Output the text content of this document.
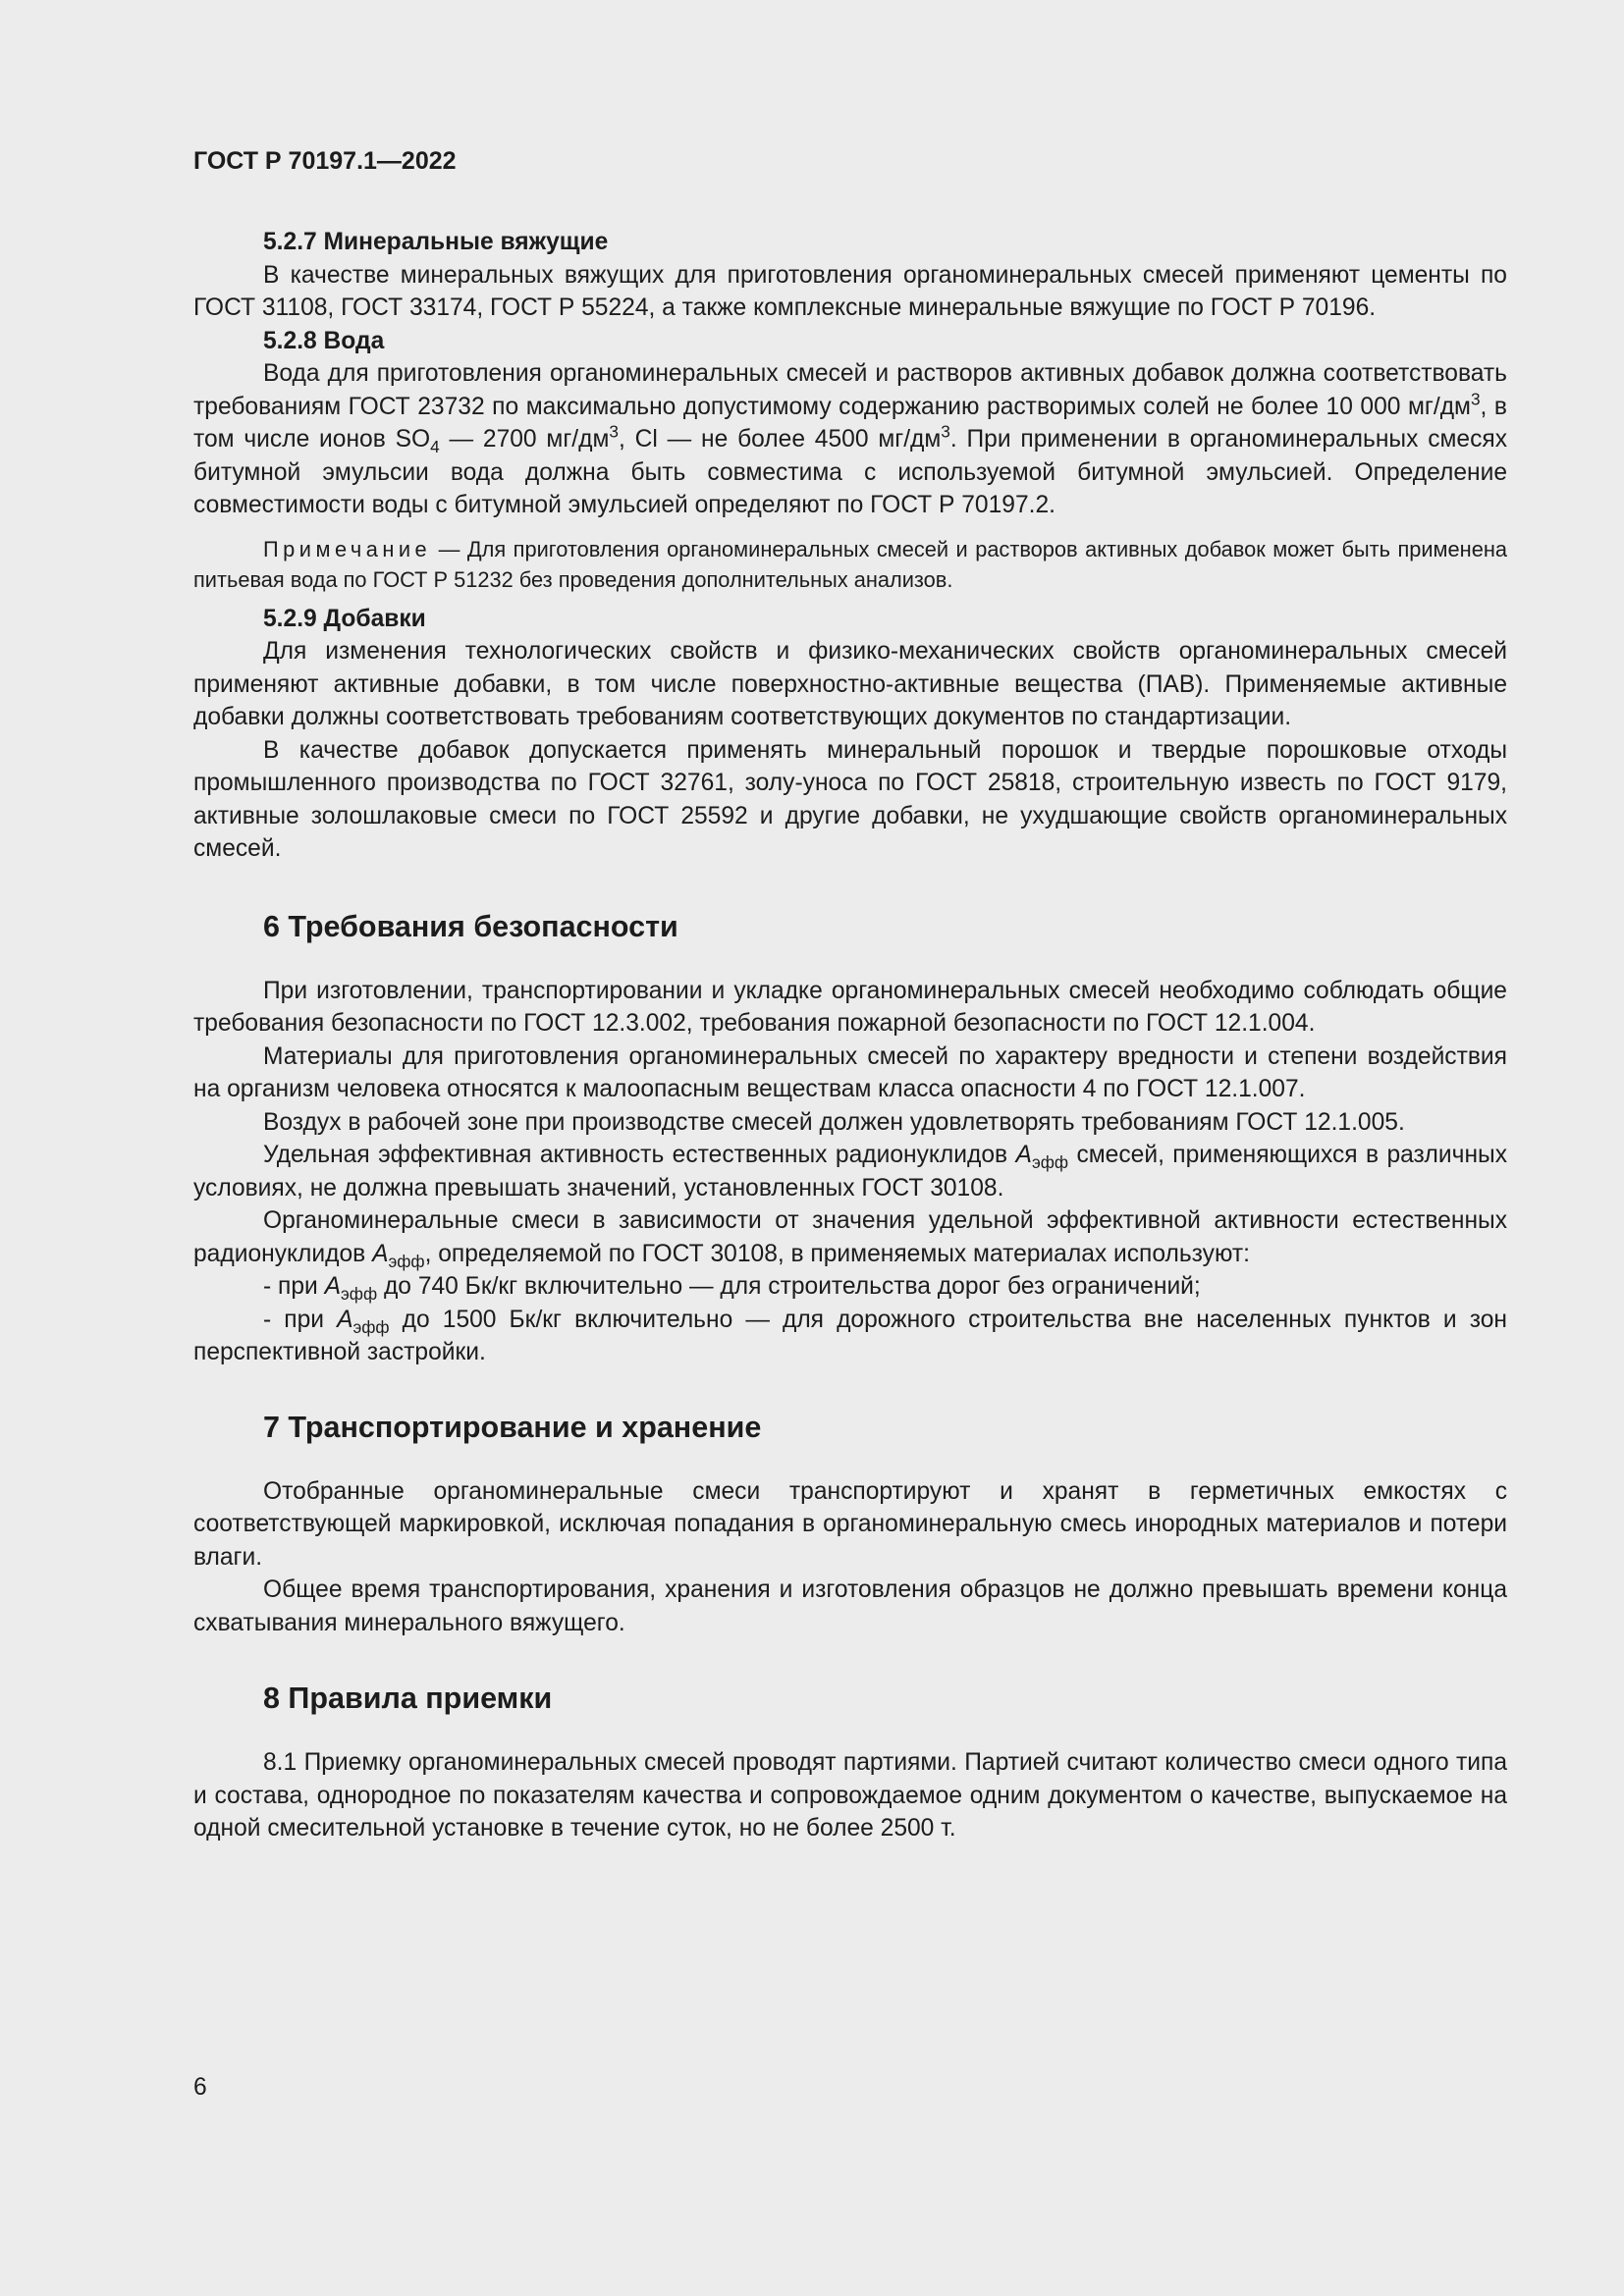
ГОСТ Р 70197.1—2022
5.2.7 Минеральные вяжущие

В качестве минеральных вяжущих для приготовления органоминеральных смесей применяют цементы по ГОСТ 31108, ГОСТ 33174, ГОСТ Р 55224, а также комплексные минеральные вяжущие по ГОСТ Р 70196.

5.2.8 Вода

Вода для приготовления органоминеральных смесей и растворов активных добавок должна соответствовать требованиям ГОСТ 23732 по максимально допустимому содержанию растворимых солей не более 10 000 $мг/дм^3$, в том числе ионов $SO_4$ — 2700 $мг/дм^3$, Cl — не более 4500 $мг/дм^3$. При применении в органоминеральных смесях битумной эмульсии вода должна быть совместима с используемой битумной эмульсией. Определение совместимости воды с битумной эмульсией определяют по ГОСТ Р 70197.2.

Примечание — Для приготовления органоминеральных смесей и растворов активных добавок может быть применена питьевая вода по ГОСТ Р 51232 без проведения дополнительных анализов.
5.2.9 Добавки

Для изменения технологических свойств и физико-механических свойств органоминеральных смесей применяют активные добавки, в том числе поверхностно-активные вещества (ПАВ). Применяемые активные добавки должны соответствовать требованиям соответствующих документов по стандартизации.

В качестве добавок допускается применять минеральный порошок и твердые порошковые отходы промышленного производства по ГОСТ 32761, золу-уноса по ГОСТ 25818, строительную известь по ГОСТ 9179, активные золошлаковые смеси по ГОСТ 25592 и другие добавки, не ухудшающие свойств органоминеральных смесей.

6 Требования безопасности

При изготовлении, транспортировании и укладке органоминеральных смесей необходимо соблюдать общие требования безопасности по ГОСТ 12.3.002, требования пожарной безопасности по ГОСТ 12.1.004.

Материалы для приготовления органоминеральных смесей по характеру вредности и степени воздействия на организм человека относятся к малоопасным веществам класса опасности 4 по ГОСТ 12.1.007.

Воздух в рабочей зоне при производстве смесей должен удовлетворять требованиям ГОСТ 12.1.005.

Удельная эффективная активность естественных радионуклидов $А_{эфф}$ смесей, применяющихся в различных условиях, не должна превышать значений, установленных ГОСТ 30108.

Органоминеральные смеси в зависимости от значения удельной эффективной активности естественных радионуклидов $А_{эфф}$, определяемой по ГОСТ 30108, в применяемых материалах используют:

- при $А_{эфф}$ до 740 Бк/кг включительно — для строительства дорог без ограничений;

- при $А_{эфф}$ до 1500 Бк/кг включительно — для дорожного строительства вне населенных пунктов и зон перспективной застройки.

7 Транспортирование и хранение

Отобранные органоминеральные смеси транспортируют и хранят в герметичных емкостях с соответствующей маркировкой, исключая попадания в органоминеральную смесь инородных материалов и потери влаги.

Общее время транспортирования, хранения и изготовления образцов не должно превышать времени конца схватывания минерального вяжущего.

8 Правила приемки

8.1 Приемку органоминеральных смесей проводят партиями. Партией считают количество смеси одного типа и состава, однородное по показателям качества и сопровождаемое одним документом о качестве, выпускаемое на одной смесительной установке в течение суток, но не более 2500 т.

6
